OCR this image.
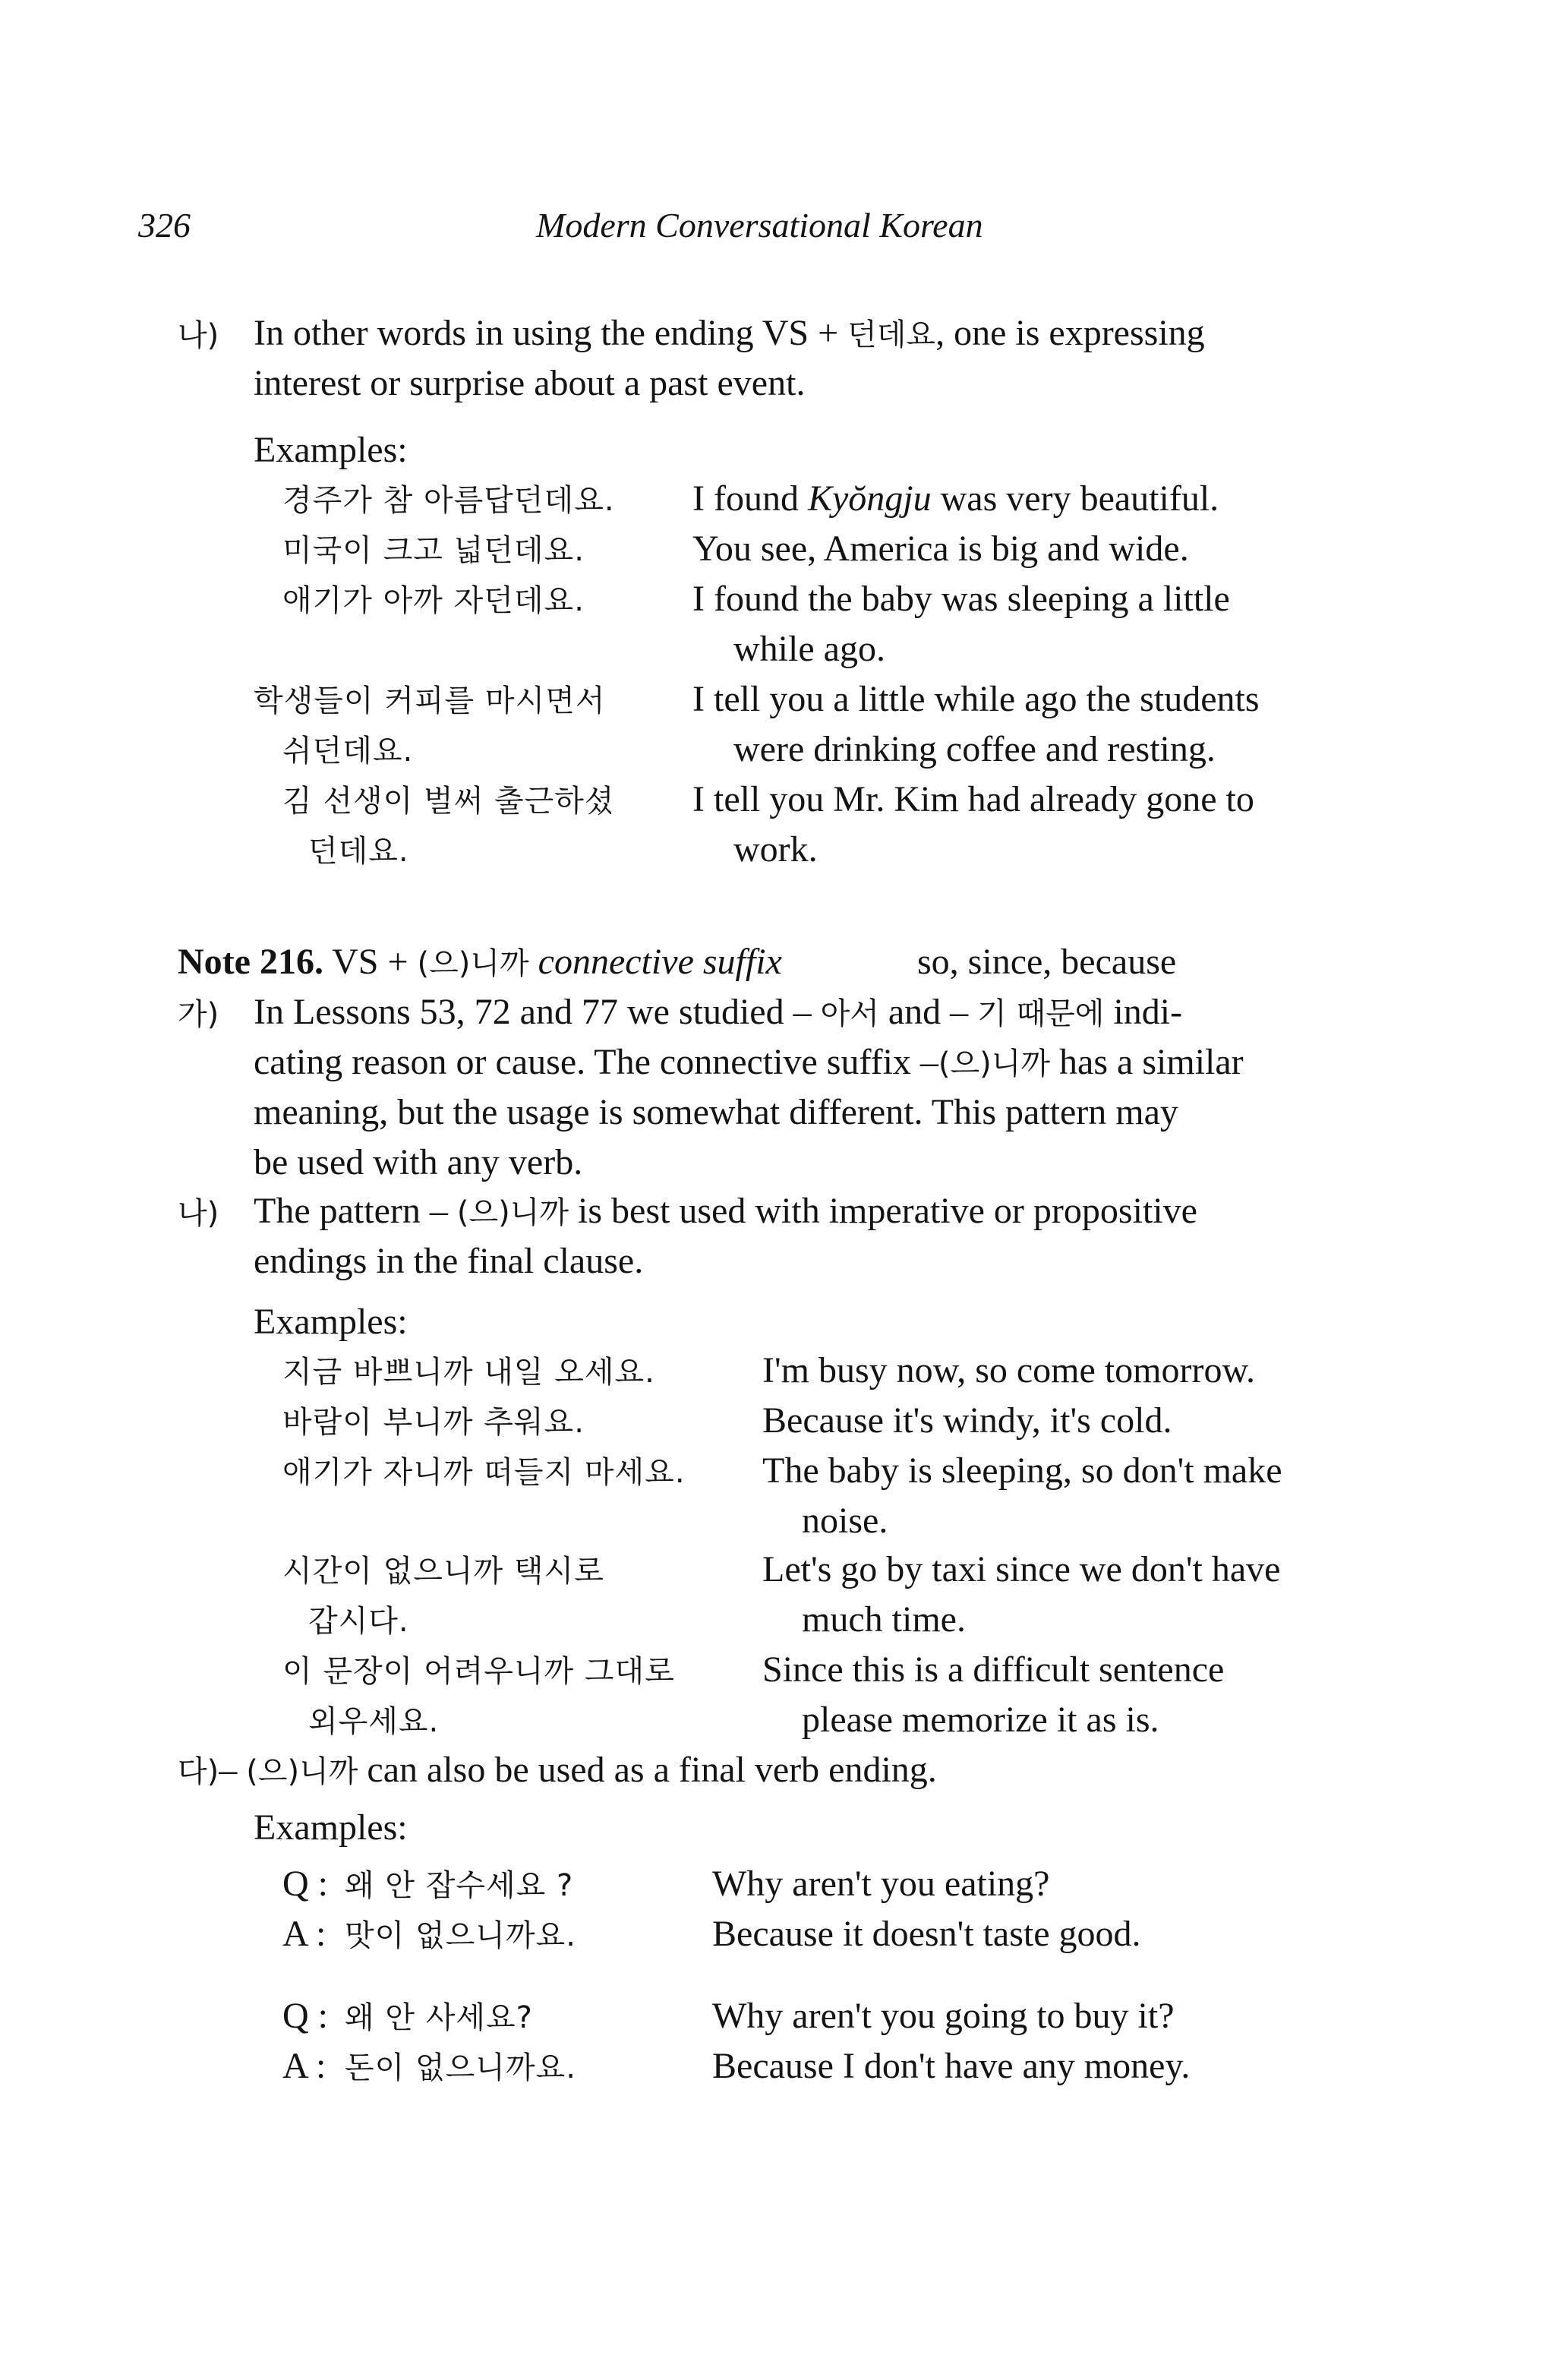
326	Modern Conversational Korean
나) In other words in using the ending VS + 던데요, one is expressing
interest or surprise about a past event.
Examples:
경주가 참 아름답던데요. I found Kyŏngju was very beautiful.
미국이 크고 넓던데요.	You see, America is big and wide.
애기가 아까 자던데요.	I found the baby was sleeping a little
while ago.
학생들이 커피를 마시면서
쉬던데요.
I tell you a little while ago the students
were drinking coffee and resting.
김 선생이 벌써 출근하셨
던데요.
I tell you Mr. Kim had already gone to
work.
Note 216. VS + (으)니까 connective suffix	so, since, because
가) In Lessons 53, 72 and 77 we studied – 아서 and – 기 때문에 indi-
cating reason or cause. The connective suffix –(으)니까 has a similar
meaning, but the usage is somewhat different. This pattern may
be used with any verb.
나) The pattern – (으)니까 is best used with imperative or propositive
endings in the final clause.
Examples:
지금 바쁘니까 내일 오세요.	I'm busy now, so come tomorrow.
바람이 부니까 추워요.	Because it's windy, it's cold.
애기가 자니까 떠들지 마세요. The baby is sleeping, so don't make
noise.
시간이 없으니까 택시로
갑시다.
Let's go by taxi since we don't have
much time.
이 문장이 어려우니까 그대로
외우세요.
Since this is a difficult sentence
please memorize it as is.
다)– (으)니까 can also be used as a final verb ending.
Examples:
Q : 왜 안 잡수세요 ?	Why aren't you eating?
A : 맛이 없으니까요.	Because it doesn't taste good.
Q : 왜 안 사세요?	Why aren't you going to buy it?
A : 돈이 없으니까요.	Because I don't have any money.
